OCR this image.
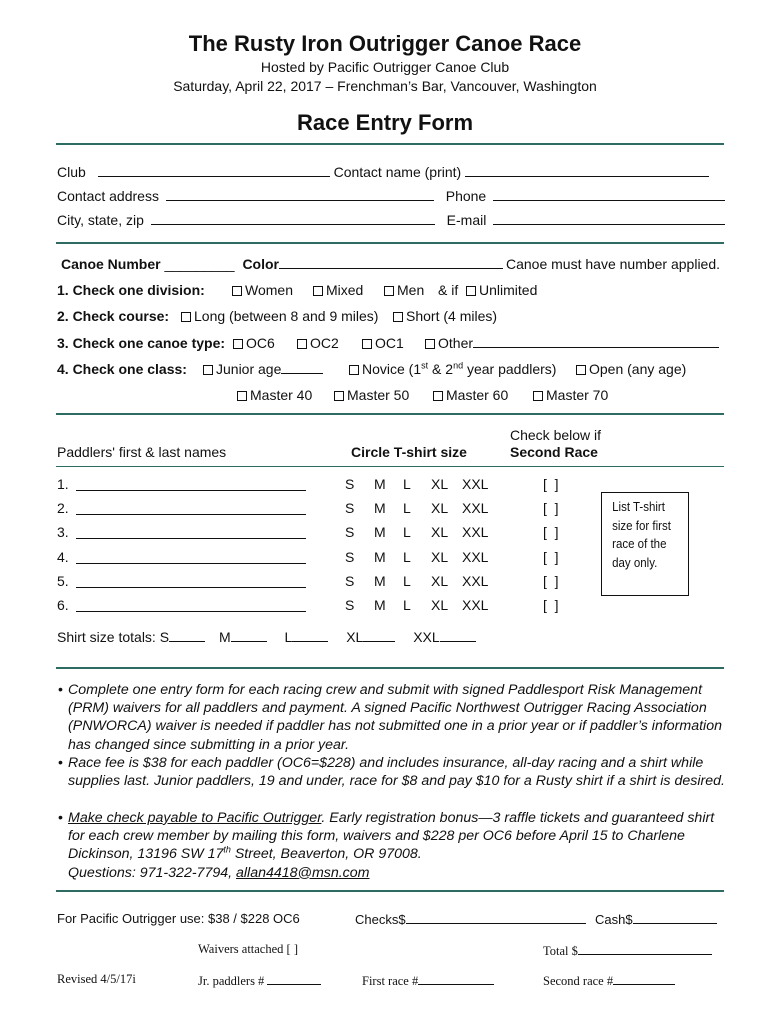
The Rusty Iron Outrigger Canoe Race
Hosted by Pacific Outrigger Canoe Club
Saturday, April 22, 2017 – Frenchman’s Bar, Vancouver, Washington
Race Entry Form
Club	Contact name (print)
Contact address	Phone
City, state, zip	E-mail
Canoe Number _________ Color	Canoe must have number applied.
1. Check one division:	Women	Mixed	Men & if	Unlimited
2. Check course:	Long (between 8 and 9 miles)	Short (4 miles)
3. Check one canoe type:	OC6	OC2	OC1	Other
4. Check one class:	Junior age	Novice (1st & 2nd year paddlers)	Open (any age)
Master 40	Master 50	Master 60	Master 70
Paddlers' first & last names	Circle T-shirt size
Check below if
Second Race
1.	S M L XL XXL	[  ]
2.	S M L XL XXL	[  ]
3.	S M L XL XXL	[  ]
4.	S M L XL XXL	[  ]
5.	S M L XL XXL	[  ]
6.	S M L XL XXL	[  ]
List T-shirt size for first race of the day only.
Shirt size totals: S	M	L	XL	XXL
• Complete one entry form for each racing crew and submit with signed Paddlesport Risk Management (PRM) waivers for all paddlers and payment. A signed Pacific Northwest Outrigger Racing Association (PNWORCA) waiver is needed if paddler has not submitted one in a prior year or if paddler’s information has changed since submitting in a prior year.

• Race fee is $38 for each paddler (OC6=$228) and includes insurance, all-day racing and a shirt while supplies last. Junior paddlers, 19 and under, race for $8 and pay $10 for a Rusty shirt if a shirt is desired.

• Make check payable to Pacific Outrigger. Early registration bonus—3 raffle tickets and guaranteed shirt for each crew member by mailing this form, waivers and $228 per OC6 before April 15 to Charlene Dickinson, 13196 SW 17th Street, Beaverton, OR 97008.
Questions: 971-322-7794, allan4418@msn.com

For Pacific Outrigger use: $38 / $228 OC6	Checks$	Cash$
Waivers attached [ ]	Total $
Revised 4/5/17i	Jr. paddlers #	First race #	Second race #
